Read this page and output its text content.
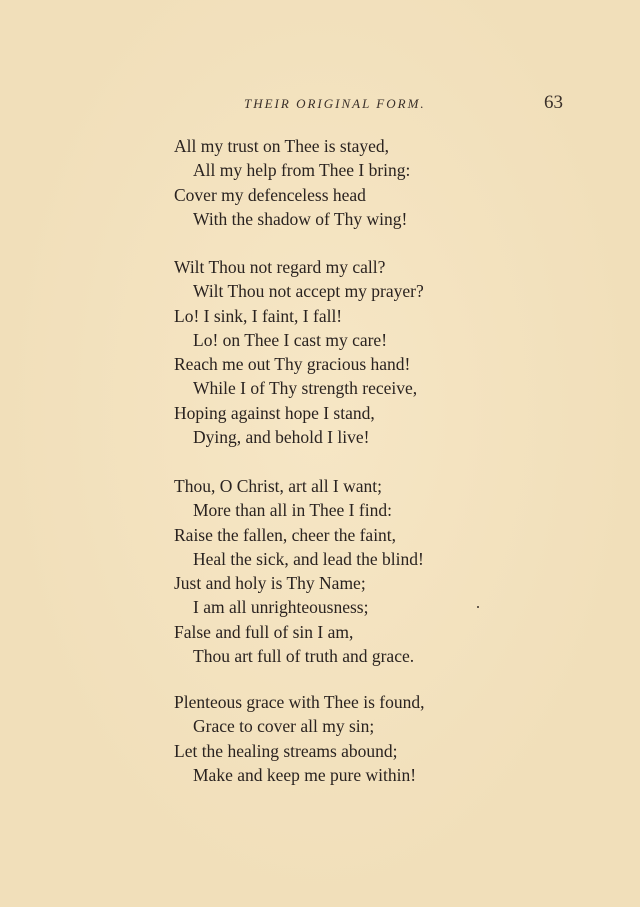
THEIR ORIGINAL FORM.	63
All my trust on Thee is stayed,
All my help from Thee I bring:
Cover my defenceless head
With the shadow of Thy wing!
Wilt Thou not regard my call?
Wilt Thou not accept my prayer?
Lo! I sink, I faint, I fall!
Lo! on Thee I cast my care!
Reach me out Thy gracious hand!
While I of Thy strength receive,
Hoping against hope I stand,
Dying, and behold I live!
Thou, O Christ, art all I want;
More than all in Thee I find:
Raise the fallen, cheer the faint,
Heal the sick, and lead the blind!
Just and holy is Thy Name;
I am all unrighteousness;
False and full of sin I am,
Thou art full of truth and grace.
Plenteous grace with Thee is found,
Grace to cover all my sin;
Let the healing streams abound;
Make and keep me pure within!
